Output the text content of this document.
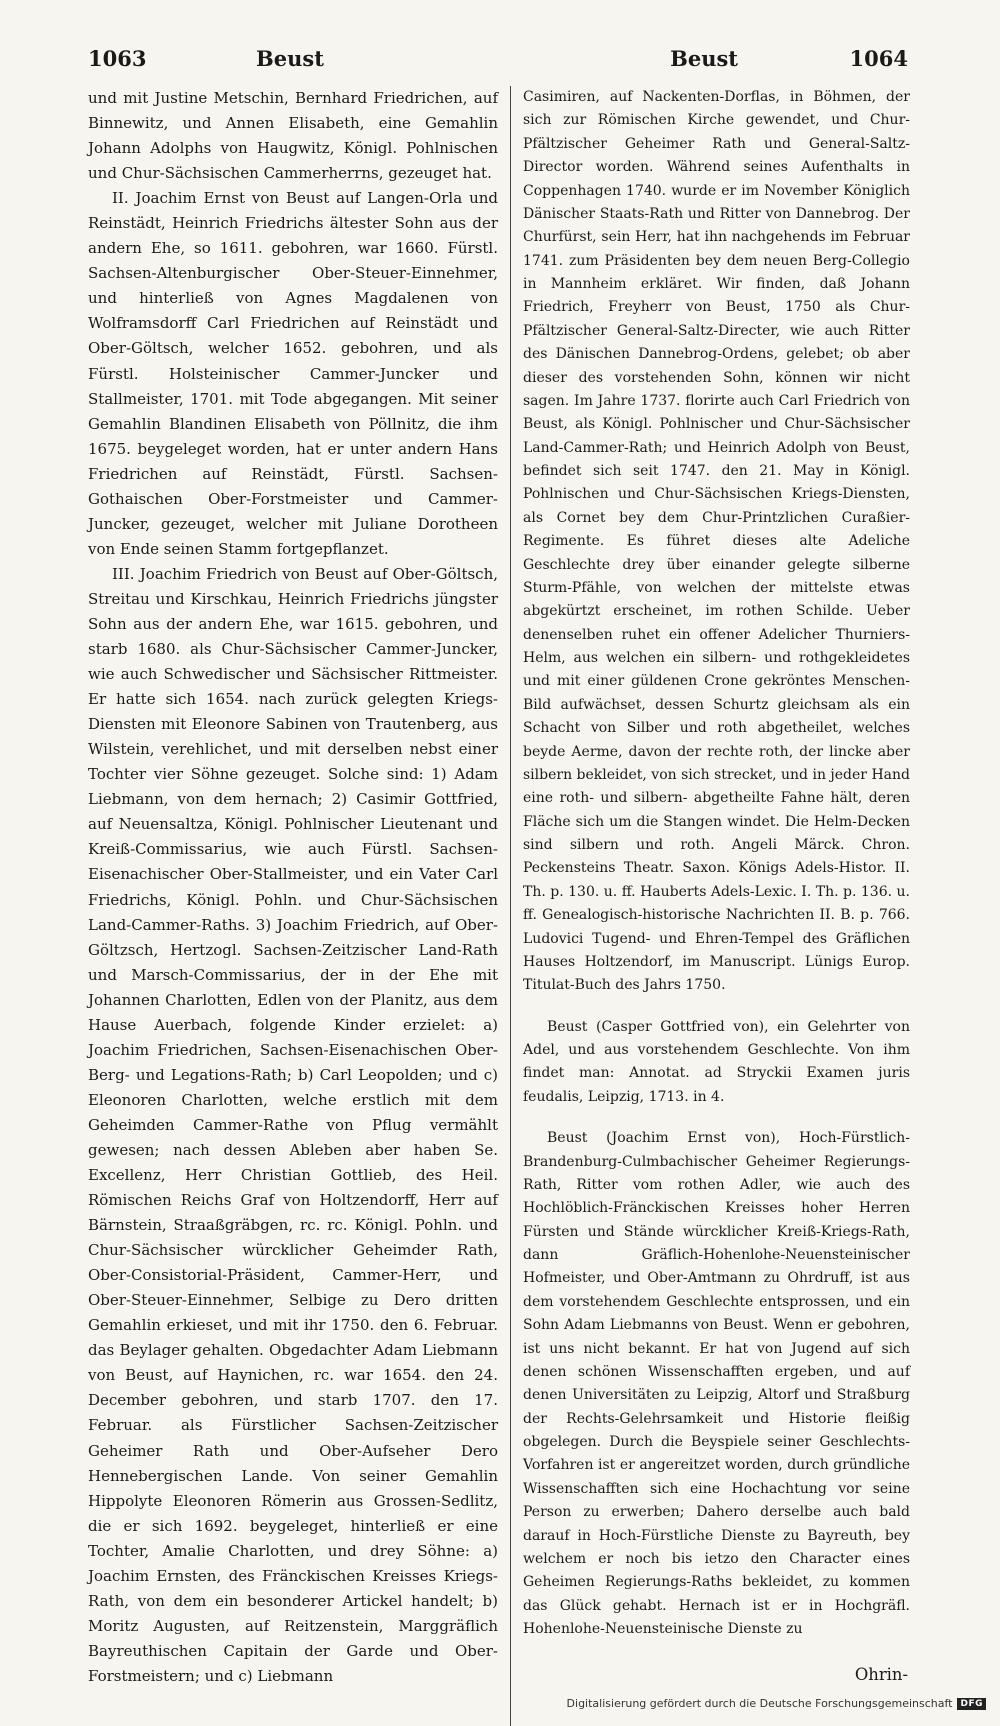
1063	Beust	Beust	1064

und mit Justine Metschin, Bernhard Friedrichen, auf Binnewitz, und Annen Elisabeth, eine Gemahlin Johann Adolphs von Haugwitz, Königl. Pohlnischen und Chur-Sächsischen Cammerherrns, gezeuget hat.

II. Joachim Ernst von Beust auf Langen-Orla und Reinstädt, Heinrich Friedrichs ältester Sohn aus der andern Ehe, so 1611. gebohren, war 1660. Fürstl. Sachsen-Altenburgischer Ober-Steuer-Einnehmer, und hinterließ von Agnes Magdalenen von Wolframsdorff Carl Friedrichen auf Reinstädt und Ober-Göltsch, welcher 1652. gebohren, und als Fürstl. Holsteinischer Cammer-Juncker und Stallmeister, 1701. mit Tode abgegangen. Mit seiner Gemahlin Blandinen Elisabeth von Pöllnitz, die ihm 1675. beygeleget worden, hat er unter andern Hans Friedrichen auf Reinstädt, Fürstl. Sachsen-Gothaischen Ober-Forstmeister und Cammer-Juncker, gezeuget, welcher mit Juliane Dorotheen von Ende seinen Stamm fortgepflanzet.

III. Joachim Friedrich von Beust auf Ober-Göltsch, Streitau und Kirschkau, Heinrich Friedrichs jüngster Sohn aus der andern Ehe, war 1615. gebohren, und starb 1680. als Chur-Sächsischer Cammer-Juncker, wie auch Schwedischer und Sächsischer Rittmeister. Er hatte sich 1654. nach zurück gelegten Kriegs-Diensten mit Eleonore Sabinen von Trautenberg, aus Wilstein, verehlichet, und mit derselben nebst einer Tochter vier Söhne gezeuget. Solche sind: 1) Adam Liebmann, von dem hernach; 2) Casimir Gottfried, auf Neuensaltza, Königl. Pohlnischer Lieutenant und Kreiß-Commissarius, wie auch Fürstl. Sachsen-Eisenachischer Ober-Stallmeister, und ein Vater Carl Friedrichs, Königl. Pohln. und Chur-Sächsischen Land-Cammer-Raths. 3) Joachim Friedrich, auf Ober-Göltzsch, Hertzogl. Sachsen-Zeitzischer Land-Rath und Marsch-Commissarius, der in der Ehe mit Johannen Charlotten, Edlen von der Planitz, aus dem Hause Auerbach, folgende Kinder erzielet: a) Joachim Friedrichen, Sachsen-Eisenachischen Ober-Berg- und Legations-Rath; b) Carl Leopolden; und c) Eleonoren Charlotten, welche erstlich mit dem Geheimden Cammer-Rathe von Pflug vermählt gewesen; nach dessen Ableben aber haben Se. Excellenz, Herr Christian Gottlieb, des Heil. Römischen Reichs Graf von Holtzendorff, Herr auf Bärnstein, Straaßgräbgen, rc. rc. Königl. Pohln. und Chur-Sächsischer würcklicher Geheimder Rath, Ober-Consistorial-Präsident, Cammer-Herr, und Ober-Steuer-Einnehmer, Selbige zu Dero dritten Gemahlin erkieset, und mit ihr 1750. den 6. Februar. das Beylager gehalten. Obgedachter Adam Liebmann von Beust, auf Haynichen, rc. war 1654. den 24. December gebohren, und starb 1707. den 17. Februar. als Fürstlicher Sachsen-Zeitzischer Geheimer Rath und Ober-Aufseher Dero Hennebergischen Lande. Von seiner Gemahlin Hippolyte Eleonoren Römerin aus Grossen-Sedlitz, die er sich 1692. beygeleget, hinterließ er eine Tochter, Amalie Charlotten, und drey Söhne: a) Joachim Ernsten, des Fränckischen Kreisses Kriegs-Rath, von dem ein besonderer Artickel handelt; b) Moritz Augusten, auf Reitzenstein, Marggräflich Bayreuthischen Capitain der Garde und Ober-Forstmeistern; und c) Liebmann

Casimiren, auf Nackenten-Dorflas, in Böhmen, der sich zur Römischen Kirche gewendet, und Chur-Pfältzischer Geheimer Rath und General-Saltz-Director worden. Während seines Aufenthalts in Coppenhagen 1740. wurde er im November Königlich Dänischer Staats-Rath und Ritter von Dannebrog. Der Churfürst, sein Herr, hat ihn nachgehends im Februar 1741. zum Präsidenten bey dem neuen Berg-Collegio in Mannheim erkläret. Wir finden, daß Johann Friedrich, Freyherr von Beust, 1750 als Chur-Pfältzischer General-Saltz-Directer, wie auch Ritter des Dänischen Dannebrog-Ordens, gelebet; ob aber dieser des vorstehenden Sohn, können wir nicht sagen. Im Jahre 1737. florirte auch Carl Friedrich von Beust, als Königl. Pohlnischer und Chur-Sächsischer Land-Cammer-Rath; und Heinrich Adolph von Beust, befindet sich seit 1747. den 21. May in Königl. Pohlnischen und Chur-Sächsischen Kriegs-Diensten, als Cornet bey dem Chur-Printzlichen Curaßier-Regimente. Es führet dieses alte Adeliche Geschlechte drey über einander gelegte silberne Sturm-Pfähle, von welchen der mittelste etwas abgekürtzt erscheinet, im rothen Schilde. Ueber denenselben ruhet ein offener Adelicher Thurniers-Helm, aus welchen ein silbern- und rothgekleidetes und mit einer güldenen Crone gekröntes Menschen-Bild aufwächset, dessen Schurtz gleichsam als ein Schacht von Silber und roth abgetheilet, welches beyde Aerme, davon der rechte roth, der lincke aber silbern bekleidet, von sich strecket, und in jeder Hand eine roth- und silbern- abgetheilte Fahne hält, deren Fläche sich um die Stangen windet. Die Helm-Decken sind silbern und roth. Angeli Märck. Chron. Peckensteins Theatr. Saxon. Königs Adels-Histor. II. Th. p. 130. u. ff. Hauberts Adels-Lexic. I. Th. p. 136. u. ff. Genealogisch-historische Nachrichten II. B. p. 766. Ludovici Tugend- und Ehren-Tempel des Gräflichen Hauses Holtzendorf, im Manuscript. Lünigs Europ. Titulat-Buch des Jahrs 1750.

Beust (Casper Gottfried von), ein Gelehrter von Adel, und aus vorstehendem Geschlechte. Von ihm findet man: Annotat. ad Stryckii Examen juris feudalis, Leipzig, 1713. in 4.

Beust (Joachim Ernst von), Hoch-Fürstlich-Brandenburg-Culmbachischer Geheimer Regierungs-Rath, Ritter vom rothen Adler, wie auch des Hochlöblich-Fränckischen Kreisses hoher Herren Fürsten und Stände würcklicher Kreiß-Kriegs-Rath, dann Gräflich-Hohenlohe-Neuensteinischer Hofmeister, und Ober-Amtmann zu Ohrdruff, ist aus dem vorstehendem Geschlechte entsprossen, und ein Sohn Adam Liebmanns von Beust. Wenn er gebohren, ist uns nicht bekannt. Er hat von Jugend auf sich denen schönen Wissenschafften ergeben, und auf denen Universitäten zu Leipzig, Altorf und Straßburg der Rechts-Gelehrsamkeit und Historie fleißig obgelegen. Durch die Beyspiele seiner Geschlechts-Vorfahren ist er angereitzet worden, durch gründliche Wissenschafften sich eine Hochachtung vor seine Person zu erwerben; Dahero derselbe auch bald darauf in Hoch-Fürstliche Dienste zu Bayreuth, bey welchem er noch bis ietzo den Character eines Geheimen Regierungs-Raths bekleidet, zu kommen das Glück gehabt. Hernach ist er in Hochgräfl. Hohenlohe-Neuensteinische Dienste zu

Ohrin-
Digitalisierung gefördert durch die Deutsche Forschungsgemeinschaft DFG
